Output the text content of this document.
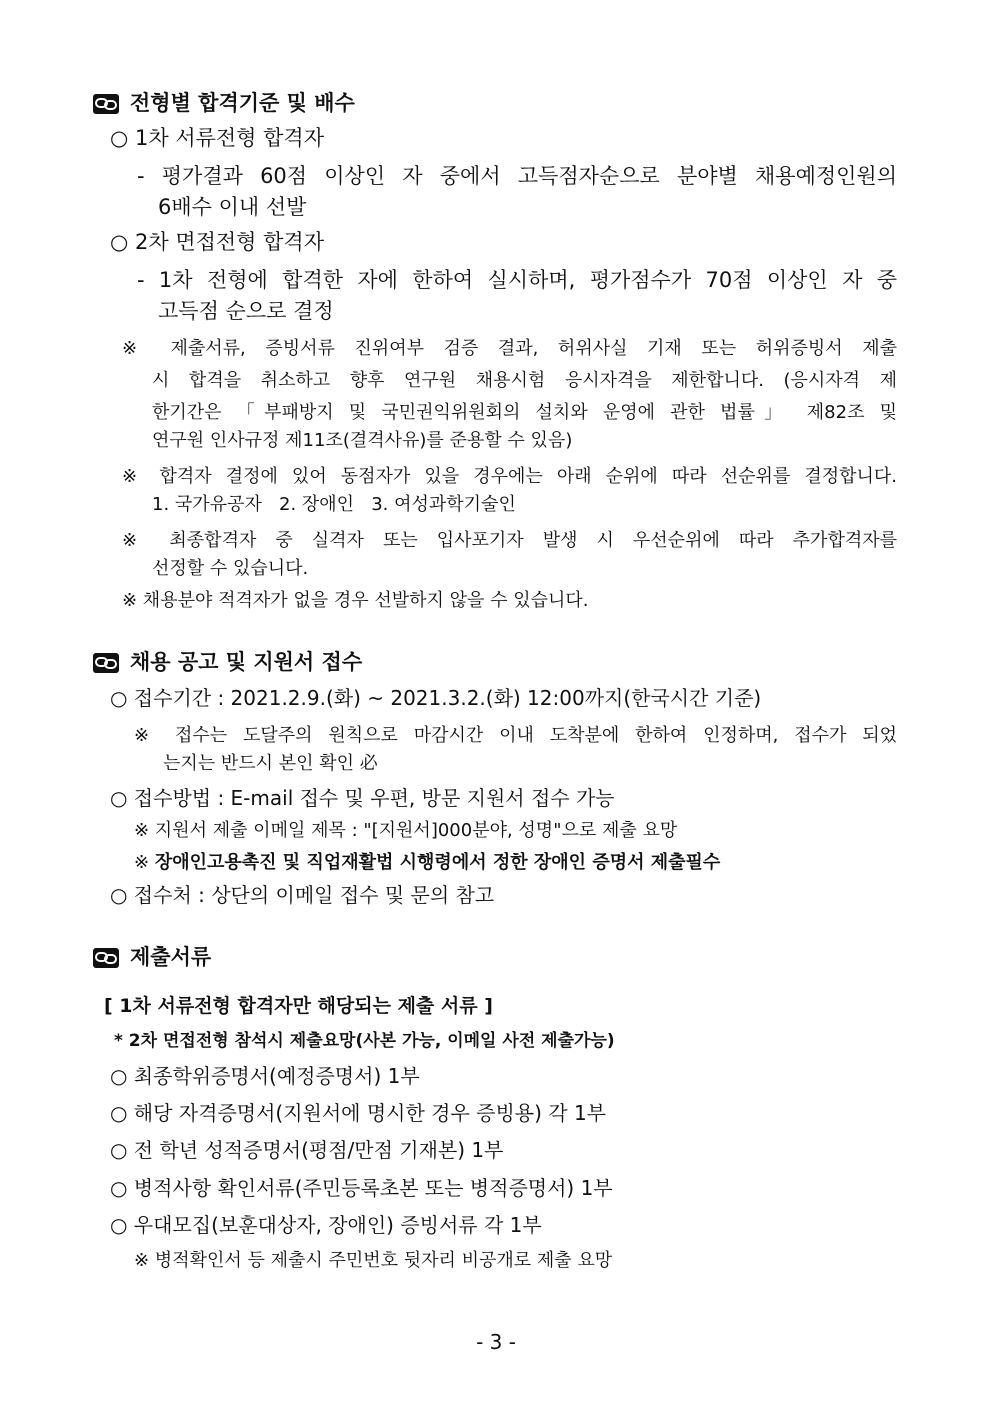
전형별 합격기준 및 배수
○ 1차 서류전형 합격자
- 평가결과 60점 이상인 자 중에서 고득점자순으로 분야별 채용예정인원의
6배수 이내 선발
○ 2차 면접전형 합격자
- 1차 전형에 합격한 자에 한하여 실시하며, 평가점수가 70점 이상인 자 중
고득점 순으로 결정
※ 제출서류, 증빙서류 진위여부 검증 결과, 허위사실 기재 또는 허위증빙서 제출
시 합격을 취소하고 향후 연구원 채용시험 응시자격을 제한합니다. (응시자격 제
한기간은 「부패방지 및 국민권익위원회의 설치와 운영에 관한 법률」 제82조 및
연구원 인사규정 제11조(결격사유)를 준용할 수 있음)
※ 합격자 결정에 있어 동점자가 있을 경우에는 아래 순위에 따라 선순위를 결정합니다.
1. 국가유공자   2. 장애인   3. 여성과학기술인
※ 최종합격자 중 실격자 또는 입사포기자 발생 시 우선순위에 따라 추가합격자를
선정할 수 있습니다.
※ 채용분야 적격자가 없을 경우 선발하지 않을 수 있습니다.
채용 공고 및 지원서 접수
○ 접수기간 : 2021.2.9.(화) ~ 2021.3.2.(화) 12:00까지(한국시간 기준)
※ 접수는 도달주의 원칙으로 마감시간 이내 도착분에 한하여 인정하며, 접수가 되었
는지는 반드시 본인 확인 必
○ 접수방법 : E-mail 접수 및 우편, 방문 지원서 접수 가능
※ 지원서 제출 이메일 제목 : "[지원서]000분야, 성명"으로 제출 요망
※ 장애인고용촉진 및 직업재활법 시행령에서 정한 장애인 증명서 제출필수
○ 접수처 : 상단의 이메일 접수 및 문의 참고
제출서류
[ 1차 서류전형 합격자만 해당되는 제출 서류 ]
* 2차 면접전형 참석시 제출요망(사본 가능, 이메일 사전 제출가능)
○ 최종학위증명서(예정증명서) 1부
○ 해당 자격증명서(지원서에 명시한 경우 증빙용) 각 1부
○ 전 학년 성적증명서(평점/만점 기재본) 1부
○ 병적사항 확인서류(주민등록초본 또는 병적증명서) 1부
○ 우대모집(보훈대상자, 장애인) 증빙서류 각 1부
※ 병적확인서 등 제출시 주민번호 뒷자리 비공개로 제출 요망
- 3 -
